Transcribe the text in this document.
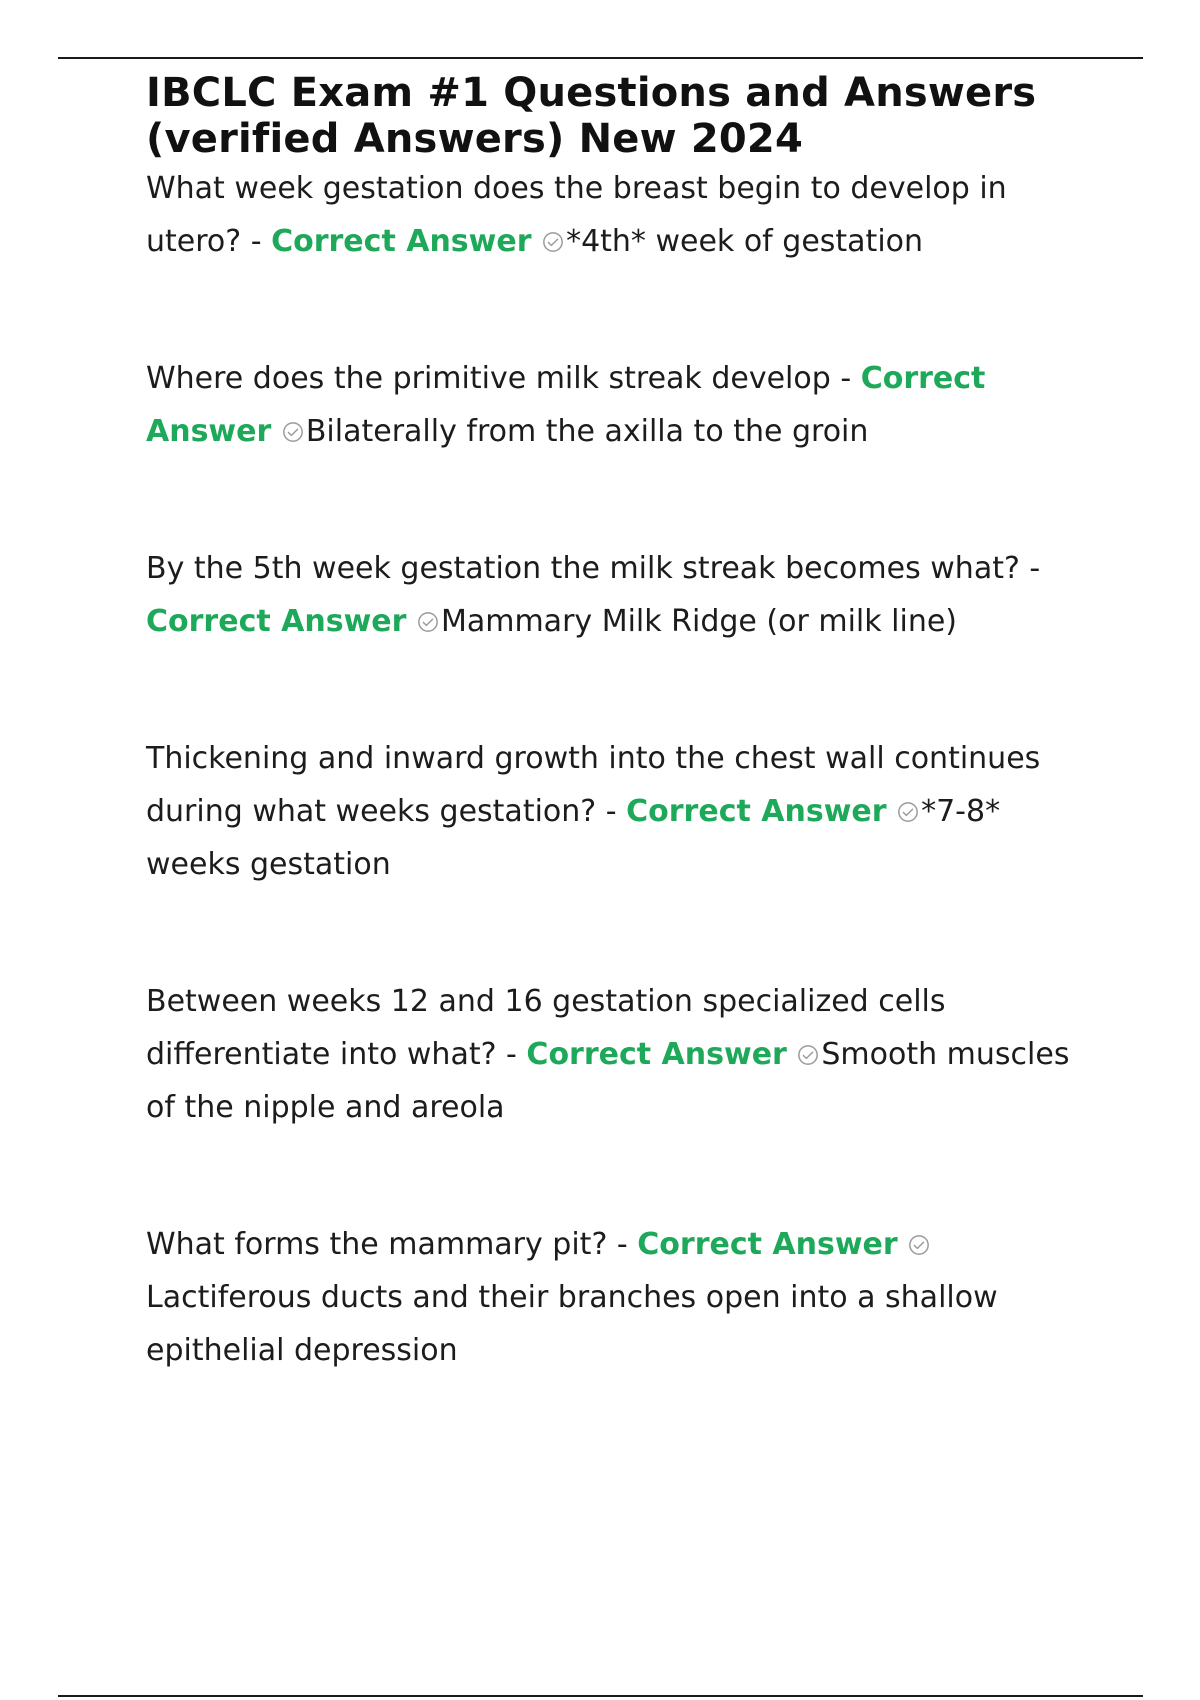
IBCLC Exam #1 Questions and Answers (verified Answers) New 2024

What week gestation does the breast begin to develop in utero? - Correct Answer *4th* week of gestation

Where does the primitive milk streak develop - Correct Answer Bilaterally from the axilla to the groin

By the 5th week gestation the milk streak becomes what? - Correct Answer Mammary Milk Ridge (or milk line)

Thickening and inward growth into the chest wall continues during what weeks gestation? - Correct Answer *7-8* weeks gestation

Between weeks 12 and 16 gestation specialized cells differentiate into what? - Correct Answer Smooth muscles of the nipple and areola

What forms the mammary pit? - Correct Answer Lactiferous ducts and their branches open into a shallow epithelial depression
